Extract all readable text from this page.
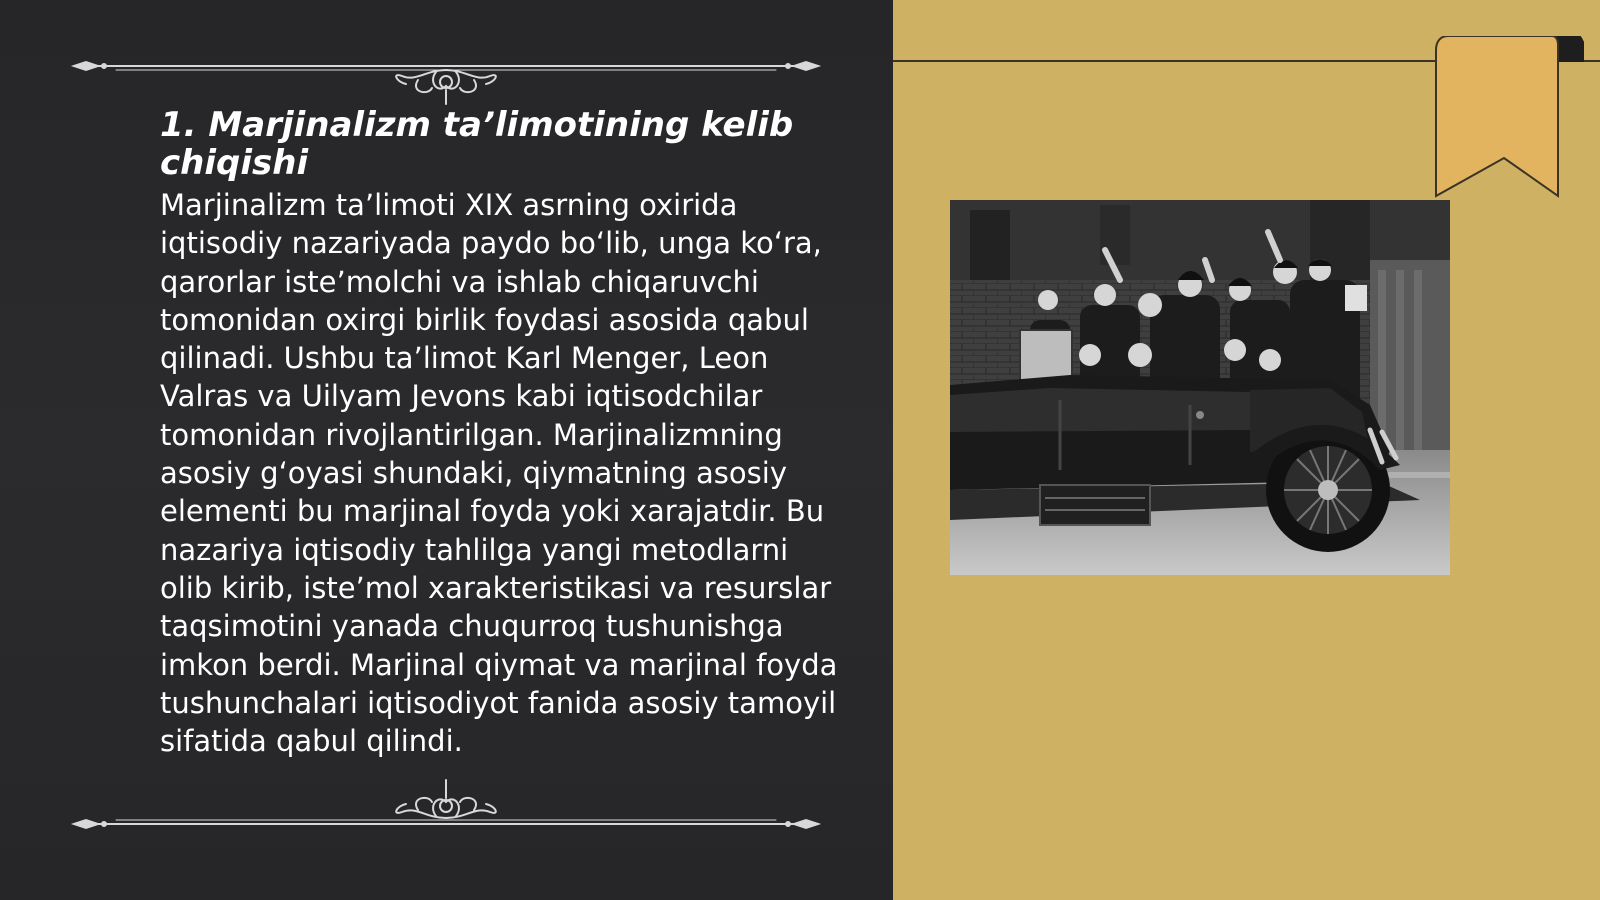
1. Marjinalizm ta’limotining kelib chiqishi

Marjinalizm ta’limoti XIX asrning oxirida iqtisodiy nazariyada paydo bo‘lib, unga ko‘ra, qarorlar iste’molchi va ishlab chiqaruvchi tomonidan oxirgi birlik foydasi asosida qabul qilinadi. Ushbu ta’limot Karl Menger, Leon Valras va Uilyam Jevons kabi iqtisodchilar tomonidan rivojlantirilgan. Marjinalizmning asosiy g‘oyasi shundaki, qiymatning asosiy elementi bu marjinal foyda yoki xarajatdir. Bu nazariya iqtisodiy tahlilga yangi metodlarni olib kirib, iste’mol xarakteristikasi va resurslar taqsimotini yanada chuqurroq tushunishga imkon berdi. Marjinal qiymat va marjinal foyda tushunchalari iqtisodiyot fanida asosiy tamoyil sifatida qabul qilindi.
